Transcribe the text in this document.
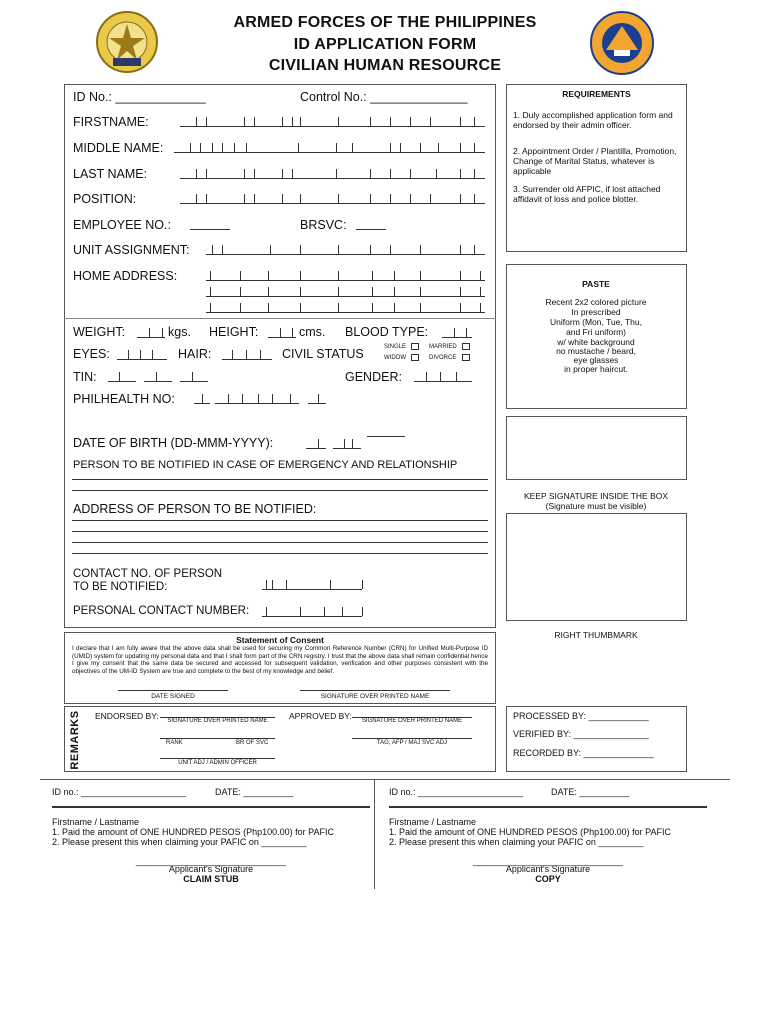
ARMED FORCES OF THE PHILIPPINES
ID APPLICATION FORM
CIVILIAN HUMAN RESOURCE
ID No.: _____________	Control No.: ______________
FIRSTNAME:
MIDDLE NAME:
LAST NAME:
POSITION:
EMPLOYEE NO.:	BRSVC:
UNIT ASSIGNMENT:
HOME ADDRESS:
WEIGHT:	kgs. HEIGHT:	cms. BLOOD TYPE:
EYES:	HAIR:	CIVIL STATUS	SINGLE	MARRIED
WIDOW	DIVORCE
TIN:	GENDER:
PHILHEALTH NO:
DATE OF BIRTH (DD-MMM-YYYY):
PERSON TO BE NOTIFIED IN CASE OF EMERGENCY AND RELATIONSHIP
ADDRESS OF PERSON TO BE NOTIFIED:
CONTACT NO. OF PERSON
TO BE NOTIFIED:
PERSONAL CONTACT NUMBER:
REQUIREMENTS
1. Duly accomplished application form and endorsed by their admin officer.
2. Appointment Order / Plantilla, Promotion, Change of Marital Status, whatever is applicable
3. Surrender old AFPIC, if lost attached affidavit of loss and police blotter.
PASTE
Recent 2x2 colored picture
In prescribed
Uniform (Mon, Tue, Thu,
and Fri uniform)
w/ white background
no mustache / beard,
eye glasses
in proper haircut.
KEEP SIGNATURE INSIDE THE BOX
(Signature must be visible)
RIGHT THUMBMARK
Statement of Consent
I declare that I am fully aware that the above data shall be used for securing my Common Reference Number (CRN) for Unified Multi-Purpose ID (UMID) system for updating my personal data and that I shall form part of the CRN registry. I trust that the above data shall remain confidential hence I give my consent that the same data be secured and accessed for subsequent validation, verification and other purposes consistent with the objectives of the UM-ID System are true and complete to the best of my knowledge and belief.
DATE SIGNED	SIGNATURE OVER PRINTED NAME
REMARKS ENDORSED BY:	SIGNATURE OVER PRINTED NAME	APPROVED BY:	SIGNATURE OVER PRINTED NAME
RANK	BR OF SVC	TAG, AFP / MAJ SVC ADJ
UNIT ADJ / ADMIN OFFICER
PROCESSED BY: ____________
VERIFIED BY: _______________
RECORDED BY: ______________
ID no.: _____________________	DATE: __________
Firstname / Lastname
1. Paid the amount of ONE HUNDRED PESOS (Php100.00) for PAFIC
2. Please present this when claiming your PAFIC on _________
______________________________
Applicant's Signature
CLAIM STUB
ID no.: _____________________	DATE: __________
Firstname / Lastname
1. Paid the amount of ONE HUNDRED PESOS (Php100.00) for PAFIC
2. Please present this when claiming your PAFIC on _________
______________________________
Applicant's Signature
COPY
